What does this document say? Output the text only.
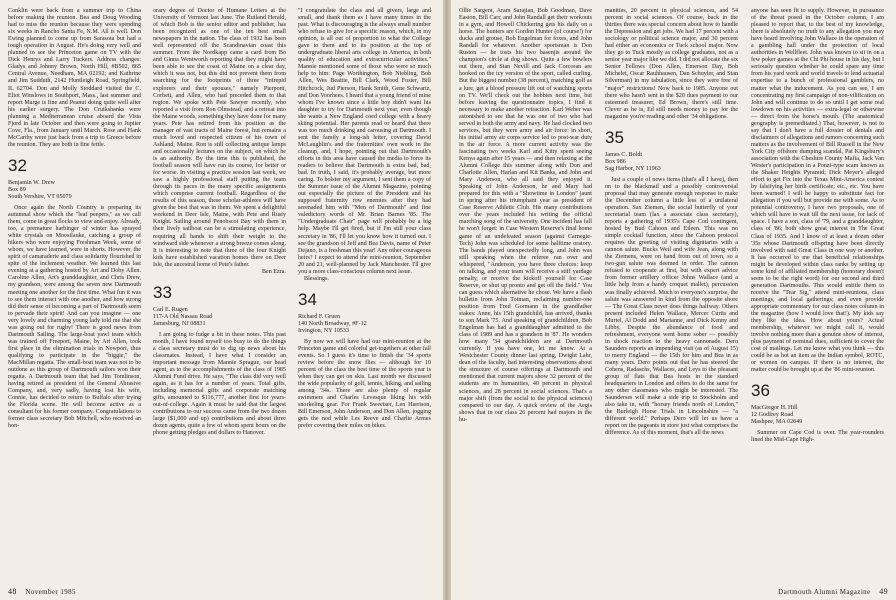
Conklin were back from a summer trip to China before making the reunion. Bea and Doug Wooding had to miss the reunion because they were spending six weeks in Rancho Santa Fe, N.M. All is well. Don Ewing planned to come up from Sarasota but had a tough operation in August. He's doing very well and planned to see the Princeton game on TV with the Dick Henrys and Larry Tuckers. Address changes: Gladys and Johnny Brown, North Hill, #B502, 865 Central Avenue, Needham, MA 02192; and Kathrine and Jim Sudduth, 2142 Huntleigh Road, Springfield, IL 62704. Don and Molly Stoddard visited the C. Eliot Winslows in Southport, Mass., last summer and report Marge is fine and Peanut doing quite well after his earlier surgery. The Don Cruikshanks were planning a Mediterranean cruise aboard the Vista Fjord in late October and then were going to Jupiter Cove, Fla., from January until March. Rose and Hank McCarthy were just back from a trip to Greece before the reunion. They are both in fine fettle.

32
Benjamin W. Drew
Box 89
South Vershire, VT 05079

Once again the North Country is preparing its autumnal show which the "leaf peepers," as we call them, come in great flocks to view and enjoy. Already, too, a premature harbinger of winter has sprayed white crystals on Moosilauke, catching a group of hikers who were enjoying Freshman Week, some of whom, we have learned, were in shorts. However, the spirit of camaraderie and class solidarity flourished in spite of the inclement weather. We learned this last evening at a gathering hosted by Art and Doby Allen. Caroline Allen, Art's granddaughter, and Chris Drew, my grandson, were among the seven new Dartmouth meeting one another for the first time. What fun it was to see them interact with one another, and how strong did their sense of becoming a part of Dartmouth seem to pervade their spirit! And can you imagine — one very lovely and charming young lady told me that she was going out for rugby! There is good news from Dartmouth Sailing. The large-boat yawl team which was trained off Freeport, Maine, by Art Allen, took first place in the elimination trials in Newport, thus qualifying to participate in the "biggie," the MacMillan regatta. The small-boat team was not to be outdone as this group of Dartmouth sailors won their regatta. A Dartmouth team that had Jim Tomlinson, having retired as president of the General Abrasive Company, and, very sadly, having lost his wife, Connie, has decided to return to Buffalo after trying the Florida scene. He will become active as a consultant for his former company. Congratulations to former class secretary Bob Mitchell, who received an hon-

orary degree of Doctor of Humane Letters at the University of Vermont last June. The Rutland Herald, of which Bob is the senior editor and publisher, has been recognized as one of the ten best small newspapers in the nation. The class of 1932 has been well represented off the Scandinavian coast this summer. From the Nordkapp came a card from Bo and Ginna Wentworth reporting that they might have been able to see the coast of Maine on a clear day, which it was not, but this did not prevent them from searching for the footprints of three "intrepid explorers and their spouses," namely Pierpont, Corbett, and Allen, who had preceded them to that region. We spoke with Pete Sawyer recently, who reported a visit from Ron Olmstead, and a retreat into the Maine woods, something they have done for many years. Pete has retired from his position as the manager of vast tracts of Maine forest, but remains a much loved and respected citizen of his town of Ashland, Maine. Ron is still collecting antique lamps and occasionally lectures on the subject, on which he is an authority. By the time this is published, the football season will have run its course, for better or for worse. In visiting a practice session last week, we saw a highly professional staff putting the team through its paces in the many specific assignments which comprise current football. Regardless of the results of this season, these scholar-athletes will have given the best that was in them. We spent a delightful weekend in Deer Isle, Maine, with Pete and Rusty Knight. Sailing around Penobscot Bay with them in their lively sailboat can be a stimulating experience, requiring all hands to shift their weight to the windward side whenever a strong breeze comes along. It is interesting to note that three of the four Knight kids have established vacation homes there on Deer Isle, the ancestral home of Pete's father.

Ben Ezra.

33
Carl E. Rugen
117-A Old Nassau Road
Jamesburg, NJ 08831

I am going to fudge a bit in these notes. This past month, I have found myself too busy to do the things a class secretary must do to dig up news about his classmates. Instead, I have what I consider an important message from Mannie Sprague, our head agent, as to the accomplishments of the class of 1985 Alumni Fund drive. He says, "The class did very well again, as it has for a number of years. Total gifts, including memorial gifts and corporate matching gifts, amounted to $116,777, another first for years-out-of-college. Again it must be said that the largest contributions to our success came from the two dozen large ($1,000 and up) contributions and about three dozen agents, quite a few of whom spent hours on the phone getting pledges and dollars to Hanover.

"I congratulate the class and all givers, large and small, and thank them as I have many times in the past. What is discouraging is the always small number who refuse to give for a specific reason, which, in my opinion, is all out of proportion to what the College gave to them and to its position at the top of undergraduate liberal arts college in America, in both quality of education and extracurricular activities." Mannie mentioned some of those who were so much help to him: Page Worthington, Bob Niebling, Bob Allen, Wes Beattie, Bill Clark, Wood Foster, Bill Hitchcock, Jud Pierson, Hank Smith, Gene Schwartz, and Don Voorhees. I heard that a young friend of mine whom I've known since a little boy didn't want his daughter to try for Dartmouth next year, even though she wants a New England coed college with a heavy skiing potential. Her parents read or heard that there was too much drinking and carousing at Dartmouth. I sent the family a long-ish letter, covering David McLaughlin's and the fraternities' own work in the cleanup, and, I hope, pointing out that Dartmouth's efforts in this area have caused the media to force its readers to believe that Dartmouth is extra bad, bad, bad. In truth, I said, it's probably average, but more caring. To bolster my argument, I sent them a copy of the Summer issue of the Alumni Magazine, pointing out especially the picture of the President and his supposed fraternity row enemies after they had serenaded him with "Men of Dartmouth" and fine valedictory words of Mr. Brian Barnes '85. The "Undergraduate Chair" page will probably be a big help. Maybe I'll get fired, but if I'm still your class secretary in '86, I'll let you know how it turned out. I see the grandson of Jeff and Bea Davis, name of Peter Dejano, is a freshman this year! Any other courageous heirs? I expect to attend the mini-reunion, September 20 and 21, well-planned by Jack Manchester. I'll give you a more class-conscious column next issue.

Blessings.

34
Richard F. Gruen
140 North Broadway, #F-12
Irvington, NY 10533

By now we will have had our mini-reunion at the Princeton game and colorful get-togethers at other fall events. So I guess it's time to finish the '34 sports review before the snow flies — although for 10 percent of the class the best time of the sports year is when they can get on skis. Last month we discussed the wide popularity of golf, tennis, hiking, and sailing among '34s. There are also plenty of regular swimmers and Charles Levesque liking his with snorkeling gear. For Frank Sweetser, Len Harrison, Bill Emerson, John Anderson, and Don Allen, jogging gets the nod while Les Reeve and Charlie Armes prefer covering their miles on bikes.

48 November 1985

Ollie Sargent, Aram Sarajian, Bob Goodman, Dave Easton, Bill Carr, and John Randall get their workouts in a gym, and Howell Chickering gets his daily on a horse. The hunters are Gordon Hunter (of course!) for ducks and grouse, Bob Engelman for foxes, and John Randall for whatever. Another sportsman is Don Ruston — he tosts his two basenjis around the champion's circle at dog shows. Quite a few bowlers out there, and Stan Nevill and Jack Corcoran are hooked on the icy version of the sport, called curling. But the biggest number (38 percent), matching golf as a lure, get a blood pressure lift out of watching sports on TV. We'll check out the hobbies next time, but before leaving the questionnaire topics, I find it necessary to make another retraction. Karl Weber was astonished to see that he was one of two who had served in both the army and navy. He had clocked two services, but they were army and air force: in short, his initial army air corps service led to post-war duty in the air force. A more current activity was the fascinating two weeks Karl and Kitty spent seeing Kenya again after 15 years — and then relaxing at the Alumni College this summer along with Don and Charlotte Allen, Harlan and Kit Banks, and John and Mary Anderson, who all said they enjoyed it. Speaking of John Anderson, he and Mary had prepared for this with a "Showtime in London" jaunt in spring after his triumphant year as president of Case Reserve Athletic Club. His many contributions over the years included his writing the official marching song of the university. One incident has fall he won't forget: in Case Western Reserve's final home game of an undefeated season (against Carnegie-Tech) John was scheduled for some halftime oratory. The bands played unexpectedly long, and John was still speaking when the referee ran over and whispered, "Anderson, you have three choices: keep on talking, and your team will receive a stiff yardage penalty, or receive the kickoff yourself for Case Reserve, or shut up pronto and get off the field." You can guess which alternative he chose. We have a flash bulletin from John Totman, reclaiming number-one position from Fred Gormann in the grandfather stakes: Anne, his 15th grandchild, has arrived, thanks to son Mark '75. And speaking of grandchildren, Bob Engelman has had a granddaughter admitted to the class of 1989 and has a grandson in '87. He wonders how many '34 grandchildren are at Dartmouth currently. If you have one, let me know. At a Westchester County dinner last spring, Dwight Lahr, dean of the faculty, had interesting observations about the structure of course offerings at Dartmouth and mentioned that current majors show 32 percent of the students are in humanities, 40 percent in physical sciences, and 28 percent in social sciences. That's a major shift (from the social to the physical sciences) compared to our day. A quick review of the Aegis shows that in our class 26 percent had majors in the hu-

manities, 20 percent in physical sciences, and 54 percent in social sciences. Of course, back in the thirties there was special concern about how to handle the Depression and get jobs. We had 17 percent with a sociology or political science major, and 30 percent had either an economics or Tuck school major. Now they go to Tuck mostly as college graduates, not as a senior year major like we did. I did not allocate the six Senior Fellows (Don Allen, Emerson Day, Bob Michelet, Oscar Rauhhausen, Dan Schuyler, and Stan Silverman) in my tabulation, since they were free of "major" restrictions! Now back to 1985. Anyone out there who hasn't sent in the $20 dues payment to our esteemed treasurer, Ed Brown, there's still time. Clever as he is, Ed still needs money to pay for the magazine you're reading and other '34 obligations.

35
James C. Boldt
Box 986
Sag Harbor, NY 11963

Just a couple of news items (that's all I have), then on to the blackmail and a possibly controversial proposal that may generate enough response to make the December column a little less of a unilateral operation. Sax Ziemen, the social butterfly of your secretarial team (lax a associate class secretary), reports a gathering of 1935's Cape Cod contingent, hosted by Bud Cahoon and Eileen. This was no simple cocktail function, since the Cahoon protocol requires the greeting of visiting dignitaries with a cannon salute. Bucks Weil and wife Jean, along with the Ziemens, were on hand from out of town, so a two-gun salute was deemed in order. The cannon refused to cooperate at first, but with expert advice from former artillery officer Johns Wallace (and a little help from a handy croquet mallet), percussion was finally achieved. Much to everyone's surprise, the salute was answered in kind from the opposite shore — The Great Class never does things halfway. Others present included Helen Wallace, Mercer Curtis and Muriel, Al Dodd and Marianne, and Dick Kenny and Libby. Despite the abundance of food and refreshment, everyone went home sober — possibly in shock reaction to the heavy cannonade. Dero Saunders reports an impending visit (as of August 15) to merry England — the 15th for him and Bea in as many years. Dero points out that he has steered the Cohens, Radaschs, Wallaces, and Leys to the pleasant group of flats that Bea hosts in the standard headquarters in London and offers to do the same for any other classmates who might be interested. The Saunderses will make a side trip to Stockholm and also take in, with "horsey friends north of London," the Burleigh Horse Trials in Lincolnshire — "a different world." Perhaps Dero will let us have a report on the pageants in store just what comprises the difference. As of this moment, that's all the news

anyone has seen fit to supply. However, in pursuance of the threat posed in the October column, I am pleased to report that, to the best of my knowledge, there is absolutely no truth to any allegation you may have heard involving John Wallace in the operation of a gambling hall under the protection of local authorities in Wellfleet. John was known to sit in on a few poker games at the Chi Phi house in his day, but I seriously question whether he could spare any time from his yard work and world travels to lend actuarial expertise to a bunch of professional gamblers, no matter what the inducement. As you can see, I am concentrating my first campaign of non-vilification on John and will continue to do so until I get some real lowdown on his activities — extra-legal or otherwise — direct from the horse's mouth. (The anatomical geography is premeditated.) That, however, is not to say that I don't have a full dossier of denials and disclaimers of allegations and rumors concerning such matters as the involvement of Bill Russell in the New York City offshore dumping scandal, Pat Kingsbury's association with the Cheshire County Mafia, Jack Van Wester's participation in a Ponzi-type scam known as the Shaker Heights Pyramid; Dick Meyer's alleged effort to get Fix into the Texas Mini-America contest by falsifying her birth certificate; etc., etc. You have been warned! I will be happy to substitute fact for allegation if you will but provide me with some. As to potential controversy, I have two proposals, one of which will have to wait till the next issue, for lack of space. I have a son, class of '79, and a granddaughter, class of '86; both show great interest in The Great Class of 1935. And I know of at least a dozen other '35s whose Dartmouth offspring have been directly involved with said Great Class in one way or another. It has occurred to me that beneficial relationships might be developed within class ranks by setting up some kind of affiliated membership (honorary doesn't seem to be the right word) for our second and third generation Dartmouths. This would entitle them to receive the "Tear Sig," attend mini-reunions, class meetings, and local gatherings; and even provide appropriate commentary for our class notes column in the magazine (how I would love that!). My kids say they like the idea. How about yours? Actual membership, whatever we might call it, would involve nothing more than a genuine show of interest, plus payment of nominal dues, sufficient to cover the cost of mailings. Let me know what you think — this could be as hot an item as the Indian symbol, ROTC, or women on campus. If there is no interest, the matter could be brought up at the '86 mini-reunion.

36
MacGregor H. Hill
12 Godfrey Road
Mashpee, MA 02649

Summer on Cape Cod is over. The year-rounders lined the Mid-Cape High-

Dartmouth Alumni Magazine 49
